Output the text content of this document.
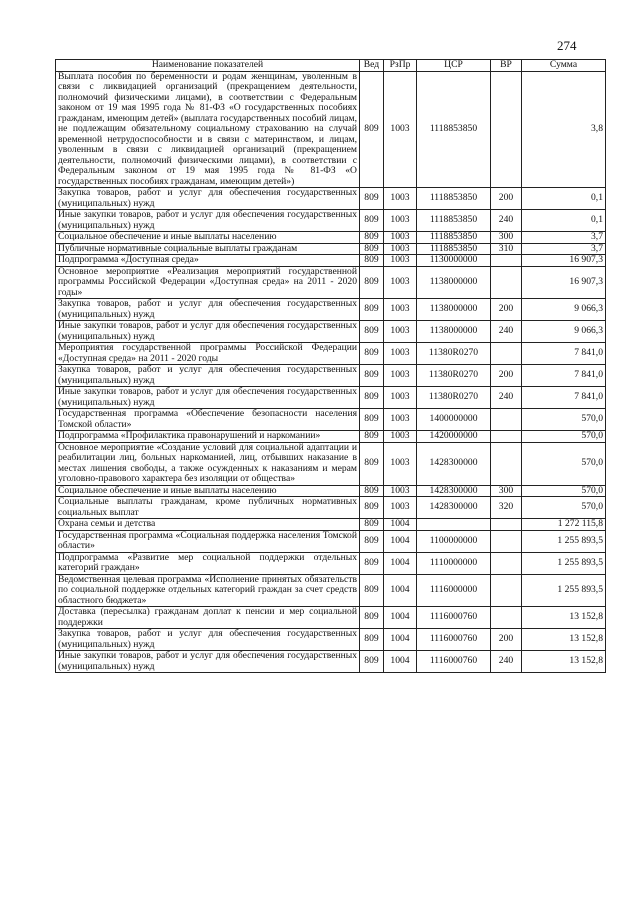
274
Наименование показателей	Вед	РзПр	ЦСР	ВР	Сумма
Выплата пособия по беременности и родам женщинам, уволенным в связи с ликвидацией организаций (прекращением деятельности, полномочий физическими лицами), в соответствии с Федеральным законом от 19 мая 1995 года № 81-ФЗ «О государственных пособиях гражданам, имеющим детей» (выплата государственных пособий лицам, не подлежащим обязательному социальному страхованию на случай временной нетрудоспособности и в связи с материнством, и лицам, уволенным в связи с ликвидацией организаций (прекращением деятельности, полномочий физическими лицами), в соответствии с Федеральным законом от 19 мая 1995 года № 81-ФЗ «О государственных пособиях гражданам, имеющим детей»)	809	1003	1118853850		3,8
Закупка товаров, работ и услуг для обеспечения государственных (муниципальных) нужд	809	1003	1118853850	200	0,1
Иные закупки товаров, работ и услуг для обеспечения государственных (муниципальных) нужд	809	1003	1118853850	240	0,1
Социальное обеспечение и иные выплаты населению	809	1003	1118853850	300	3,7
Публичные нормативные социальные выплаты гражданам	809	1003	1118853850	310	3,7
Подпрограмма «Доступная среда»	809	1003	1130000000		16 907,3
Основное мероприятие «Реализация мероприятий государственной программы Российской Федерации «Доступная среда» на 2011 - 2020 годы»	809	1003	1138000000		16 907,3
Закупка товаров, работ и услуг для обеспечения государственных (муниципальных) нужд	809	1003	1138000000	200	9 066,3
Иные закупки товаров, работ и услуг для обеспечения государственных (муниципальных) нужд	809	1003	1138000000	240	9 066,3
Мероприятия государственной программы Российской Федерации «Доступная среда» на 2011 - 2020 годы	809	1003	11380R0270		7 841,0
Закупка товаров, работ и услуг для обеспечения государственных (муниципальных) нужд	809	1003	11380R0270	200	7 841,0
Иные закупки товаров, работ и услуг для обеспечения государственных (муниципальных) нужд	809	1003	11380R0270	240	7 841,0
Государственная программа «Обеспечение безопасности населения Томской области»	809	1003	1400000000		570,0
Подпрограмма «Профилактика правонарушений и наркомании»	809	1003	1420000000		570,0
Основное мероприятие «Создание условий для социальной адаптации и реабилитации лиц, больных наркоманией, лиц, отбывших наказание в местах лишения свободы, а также осужденных к наказаниям и мерам уголовно-правового характера без изоляции от общества»	809	1003	1428300000		570,0
Социальное обеспечение и иные выплаты населению	809	1003	1428300000	300	570,0
Социальные выплаты гражданам, кроме публичных нормативных социальных выплат	809	1003	1428300000	320	570,0
Охрана семьи и детства	809	1004			1 272 115,8
Государственная программа «Социальная поддержка населения Томской области»	809	1004	1100000000		1 255 893,5
Подпрограмма «Развитие мер социальной поддержки отдельных категорий граждан»	809	1004	1110000000		1 255 893,5
Ведомственная целевая программа «Исполнение принятых обязательств по социальной поддержке отдельных категорий граждан за счет средств областного бюджета»	809	1004	1116000000		1 255 893,5
Доставка (пересылка) гражданам доплат к пенсии и мер социальной поддержки	809	1004	1116000760		13 152,8
Закупка товаров, работ и услуг для обеспечения государственных (муниципальных) нужд	809	1004	1116000760	200	13 152,8
Иные закупки товаров, работ и услуг для обеспечения государственных (муниципальных) нужд	809	1004	1116000760	240	13 152,8
